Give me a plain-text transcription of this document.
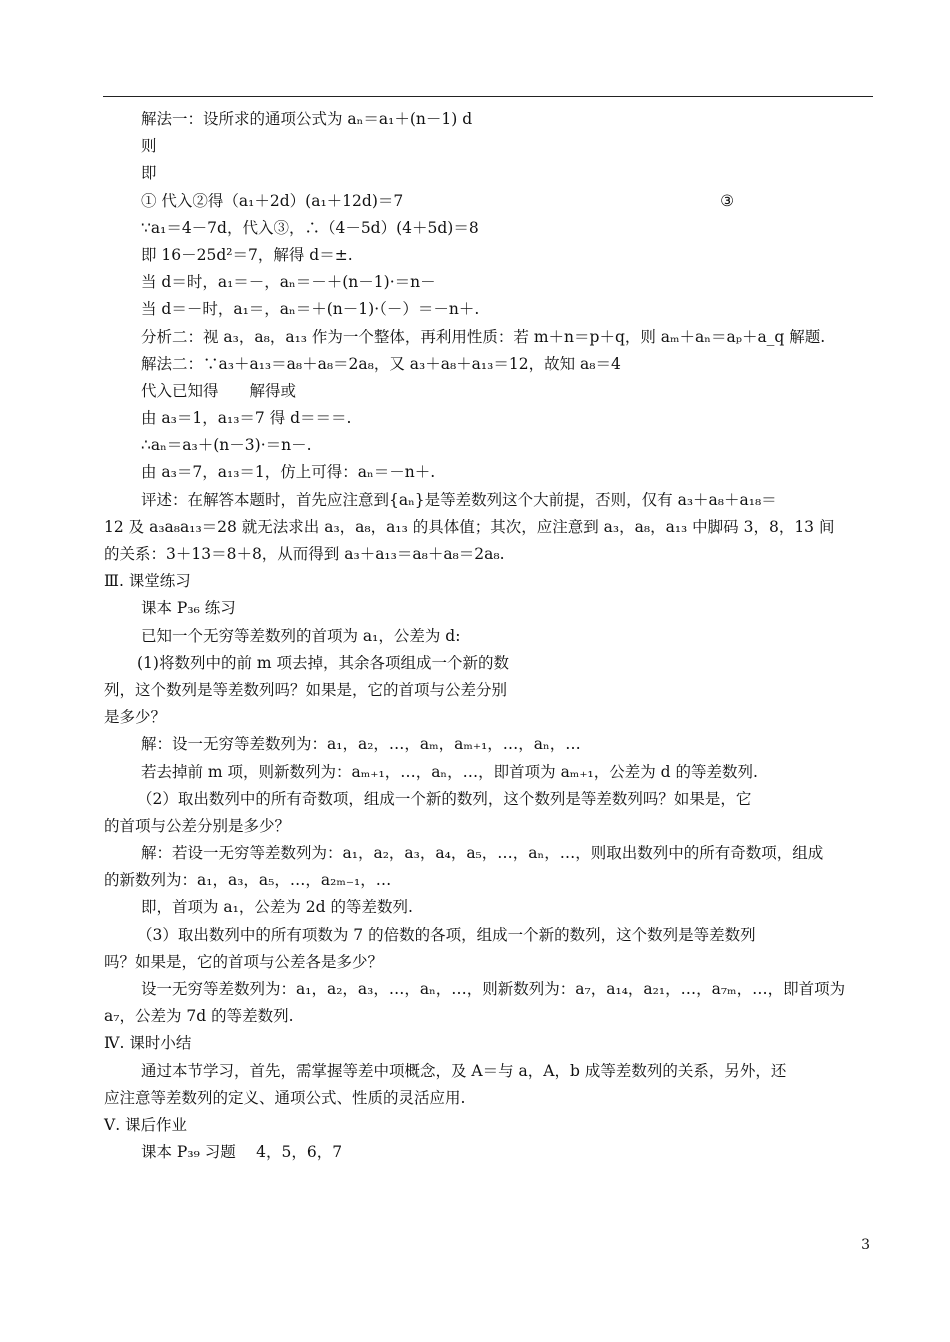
解法一：设所求的通项公式为 aₙ＝a₁＋(n－1) d
则
即
① 代入②得（a₁＋2d）(a₁＋12d)＝7	③
∵a₁＝4－7d，代入③，∴（4－5d）(4＋5d)＝8
即 16－25d²＝7，解得 d＝±.
当 d＝时，a₁＝－，aₙ＝－＋(n－1)·＝n－
当 d＝－时，a₁＝，aₙ＝＋(n－1)·（－）＝－n＋.
分析二：视 a₃，a₈，a₁₃ 作为一个整体，再利用性质：若 m＋n＝p＋q，则 aₘ＋aₙ＝aₚ＋a_q 解题.
解法二：∵a₃＋a₁₃＝a₈＋a₈＝2a₈，又 a₃＋a₈＋a₁₃＝12，故知 a₈＝4
代入已知得　　解得或
由 a₃＝1，a₁₃＝7 得 d＝＝＝.
∴aₙ＝a₃＋(n－3)·＝n－.
由 a₃＝7，a₁₃＝1，仿上可得：aₙ＝－n＋.
评述：在解答本题时，首先应注意到{aₙ}是等差数列这个大前提，否则，仅有 a₃＋a₈＋a₁₈＝
12 及 a₃a₈a₁₃＝28 就无法求出 a₃，a₈，a₁₃ 的具体值；其次，应注意到 a₃，a₈，a₁₃ 中脚码 3，8，13 间
的关系：3＋13＝8＋8，从而得到 a₃＋a₁₃＝a₈＋a₈＝2a₈.
Ⅲ. 课堂练习
课本 P₃₆ 练习
已知一个无穷等差数列的首项为 a₁，公差为 d:
(1)将数列中的前 m 项去掉，其余各项组成一个新的数
列，这个数列是等差数列吗？如果是，它的首项与公差分别
是多少？
解：设一无穷等差数列为：a₁，a₂，…，aₘ，aₘ₊₁，…，aₙ，…
若去掉前 m 项，则新数列为：aₘ₊₁，…，aₙ，…，即首项为 aₘ₊₁，公差为 d 的等差数列.
（2）取出数列中的所有奇数项，组成一个新的数列，这个数列是等差数列吗？如果是，它
的首项与公差分别是多少？
解：若设一无穷等差数列为：a₁，a₂，a₃，a₄，a₅，…，aₙ，…，则取出数列中的所有奇数项，组成
的新数列为：a₁，a₃，a₅，…，a₂ₘ₋₁，…
即，首项为 a₁，公差为 2d 的等差数列.
（3）取出数列中的所有项数为 7 的倍数的各项，组成一个新的数列，这个数列是等差数列
吗？如果是，它的首项与公差各是多少？
设一无穷等差数列为：a₁，a₂，a₃，…，aₙ，…，则新数列为：a₇，a₁₄，a₂₁，…，a₇ₘ，…，即首项为
a₇，公差为 7d 的等差数列.
Ⅳ. 课时小结
通过本节学习，首先，需掌握等差中项概念，及 A＝与 a，A，b 成等差数列的关系，另外，还
应注意等差数列的定义、通项公式、性质的灵活应用.
Ⅴ. 课后作业
课本 P₃₉ 习题　 4，5，6，7
3
